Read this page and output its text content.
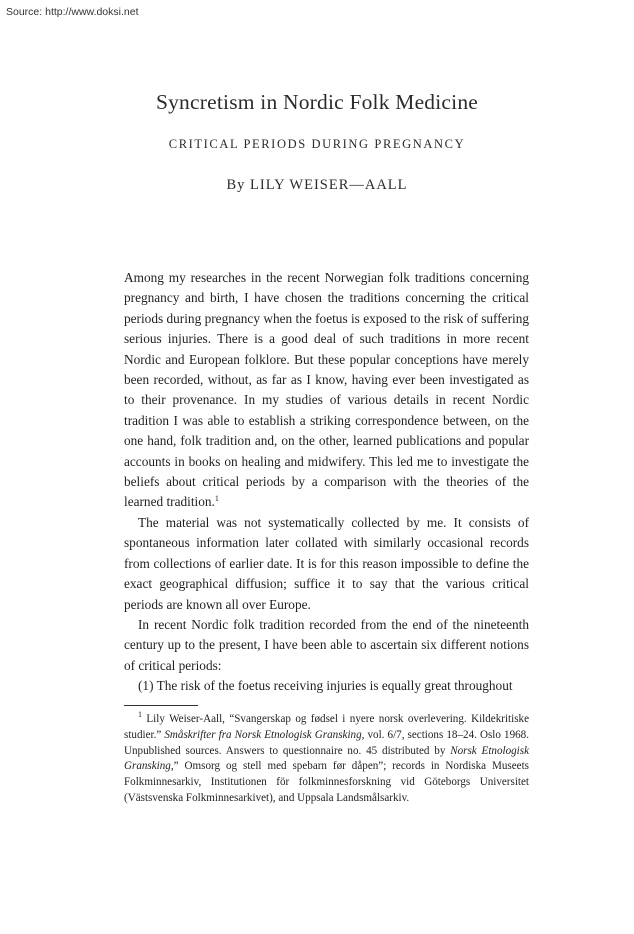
Source: http://www.doksi.net
Syncretism in Nordic Folk Medicine
CRITICAL PERIODS DURING PREGNANCY
By LILY WEISER—AALL

Among my researches in the recent Norwegian folk traditions concerning pregnancy and birth, I have chosen the traditions concerning the critical periods during pregnancy when the foetus is exposed to the risk of suffering serious injuries. There is a good deal of such traditions in more recent Nordic and European folklore. But these popular conceptions have merely been recorded, without, as far as I know, having ever been investigated as to their provenance. In my studies of various details in recent Nordic tradition I was able to establish a striking correspondence between, on the one hand, folk tradition and, on the other, learned publications and popular accounts in books on healing and midwifery. This led me to investigate the beliefs about critical periods by a comparison with the theories of the learned tradition.$^1$

The material was not systematically collected by me. It consists of spontaneous information later collated with similarly occasional records from collections of earlier date. It is for this reason impossible to define the exact geographical diffusion; suffice it to say that the various critical periods are known all over Europe.

In recent Nordic folk tradition recorded from the end of the nineteenth century up to the present, I have been able to ascertain six different notions of critical periods:

(1) The risk of the foetus receiving injuries is equally great throughout

$^1$ Lily Weiser-Aall, “Svangerskap og fødsel i nyere norsk overlevering. Kildekritiske studier.” Småskrifter fra Norsk Etnologisk Gransking, vol. 6/7, sections 18–24. Oslo 1968. Unpublished sources. Answers to questionnaire no. 45 distributed by Norsk Etnologisk Gransking,” Omsorg og stell med spebarn før dåpen”; records in Nordiska Museets Folkminnesarkiv, Institutionen för folkminnesforskning vid Göteborgs Universitet (Västsvenska Folkminnesarkivet), and Uppsala Landsmålsarkiv.
